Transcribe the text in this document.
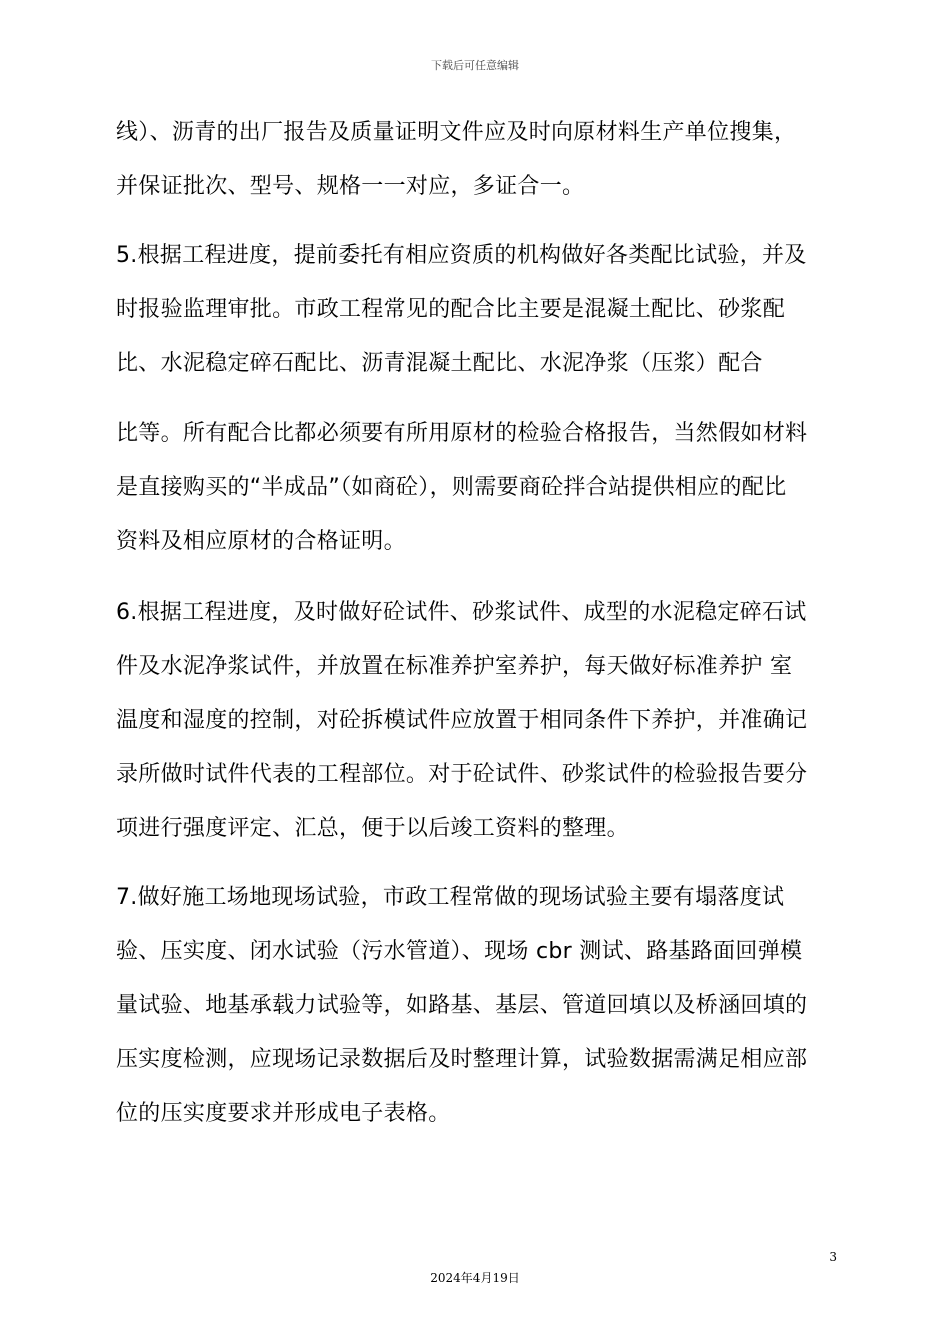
下载后可任意编辑
线）、沥青的出厂报告及质量证明文件应及时向原材料生产单位搜集，
并保证批次、型号、规格一一对应，多证合一。
5.根据工程进度，提前委托有相应资质的机构做好各类配比试验，并及
时报验监理审批。市政工程常见的配合比主要是混凝土配比、砂浆配
比、水泥稳定碎石配比、沥青混凝土配比、水泥净浆（压浆）配合
比等。所有配合比都必须要有所用原材的检验合格报告，当然假如材料
是直接购买的“半成品”（如商砼），则需要商砼拌合站提供相应的配比
资料及相应原材的合格证明。
6.根据工程进度，及时做好砼试件、砂浆试件、成型的水泥稳定碎石试
件及水泥净浆试件，并放置在标准养护室养护，每天做好标准养护 室
温度和湿度的控制，对砼拆模试件应放置于相同条件下养护，并准确记
录所做时试件代表的工程部位。对于砼试件、砂浆试件的检验报告要分
项进行强度评定、汇总，便于以后竣工资料的整理。
7.做好施工场地现场试验，市政工程常做的现场试验主要有塌落度试
验、压实度、闭水试验（污水管道）、现场 cbr 测试、路基路面回弹模
量试验、地基承载力试验等，如路基、基层、管道回填以及桥涵回填的
压实度检测，应现场记录数据后及时整理计算，试验数据需满足相应部
位的压实度要求并形成电子表格。
3
2024年4月19日
